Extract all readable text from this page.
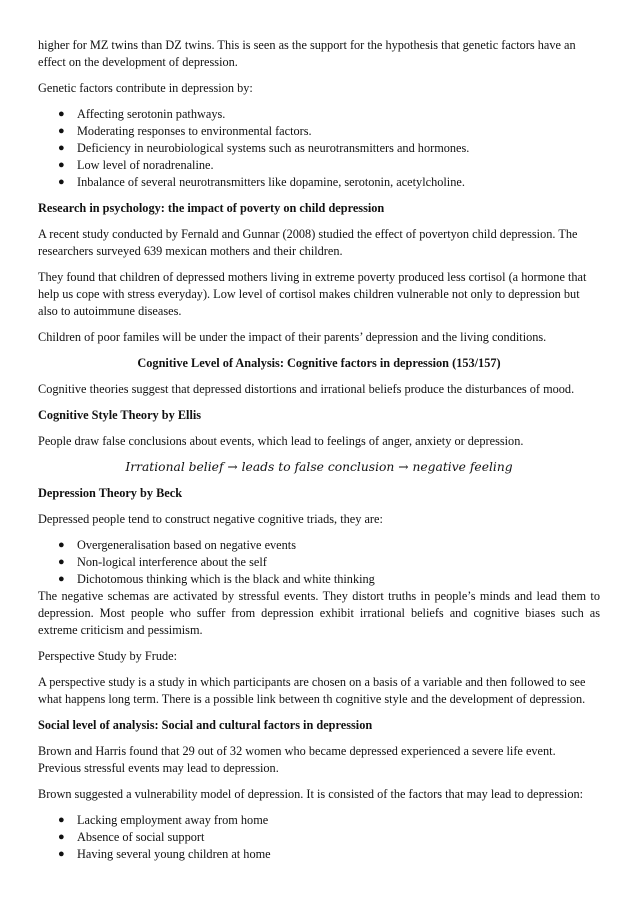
higher for MZ twins than DZ twins. This is seen as the support for the hypothesis that genetic factors have an effect on the development of depression.

Genetic factors contribute in depression by:

● Affecting serotonin pathways.
● Moderating responses to environmental factors.
● Deficiency in neurobiological systems such as neurotransmitters and hormones.
● Low level of noradrenaline.
● Inbalance of several neurotransmitters like dopamine, serotonin, acetylcholine.

Research in psychology: the impact of poverty on child depression

A recent study conducted by Fernald and Gunnar (2008) studied the effect of povertyon child depression. The researchers surveyed 639 mexican mothers and their children.

They found that children of depressed mothers living in extreme poverty produced less cortisol (a hormone that help us cope with stress everyday). Low level of cortisol makes children vulnerable not only to depression but also to autoimmune diseases.

Children of poor familes will be under the impact of their parents’ depression and the living conditions.

Cognitive Level of Analysis: Cognitive factors in depression (153/157)

Cognitive theories suggest that depressed distortions and irrational beliefs produce the disturbances of mood.

Cognitive Style Theory by Ellis

People draw false conclusions about events, which lead to feelings of anger, anxiety or depression.

Irrational belief → leads to false conclusion → negative feeling

Depression Theory by Beck

Depressed people tend to construct negative cognitive triads, they are:

● Overgeneralisation based on negative events
● Non-logical interference about the self
● Dichotomous thinking which is the black and white thinking

The negative schemas are activated by stressful events. They distort truths in people’s minds and lead them to depression. Most people who suffer from depression exhibit irrational beliefs and cognitive biases such as extreme criticism and pessimism.

Perspective Study by Frude:

A perspective study is a study in which participants are chosen on a basis of a variable and then followed to see what happens long term. There is a possible link between th cognitive style and the development of depression.

Social level of analysis: Social and cultural factors in depression

Brown and Harris found that 29 out of 32 women who became depressed experienced a severe life event. Previous stressful events may lead to depression.

Brown suggested a vulnerability model of depression. It is consisted of the factors that may lead to depression:

● Lacking employment away from home
● Absence of social support
● Having several young children at home
